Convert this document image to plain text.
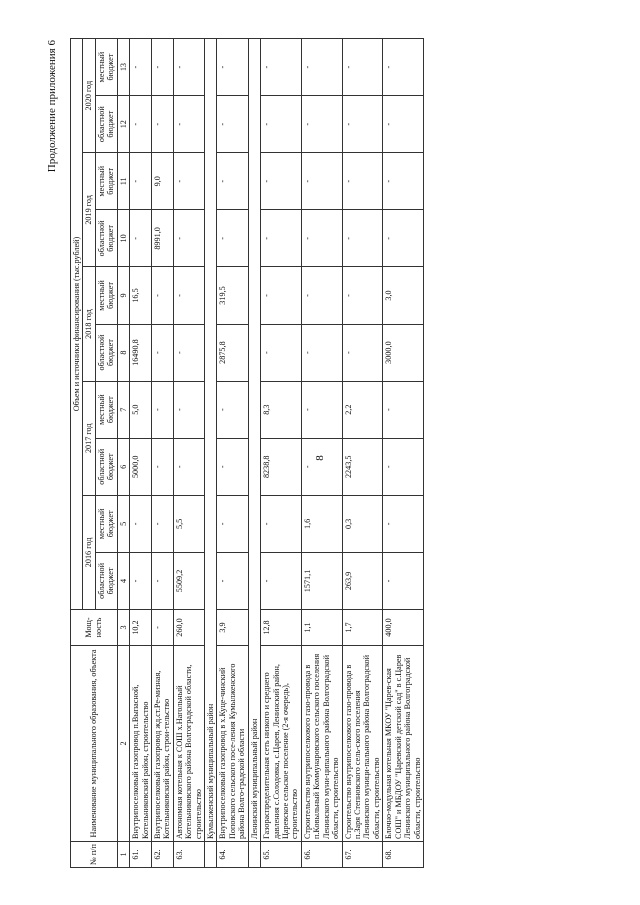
8
Продолжение приложения 6
№ п/п	Наименование муниципального образования, объекта	Мощ-ность	Объем и источники финансирования (тыс.рублей)									
			2016 год		2017 год		2018 год		2019 год		2020 год	
			областной бюджет	местный бюджет	областной бюджет	местный бюджет	областной бюджет	местный бюджет	областной бюджет	местный бюджет	областной бюджет	местный бюджет
1	2	3	4	5	6	7	8	9	10	11	12	13
61.	Внутрипоселковый газопровод п.Выпасной, Котельниковский район, строительство	10,2	-	-	5000,0	5,0	16490,8	16,5	-	-	-	-
62.	Внутрипоселковый газопровод жд.ст.Ре-мизная, Котельниковский район, строи-тельство	-	-	-	-	-	-	-	8991,0	9,0	-	-
63.	Автономная котельная к СОШ х.Нагольный Котельниковского района Волгоградской области, строительство	260,0	5509,2	5,5	-	-	-	-	-	-	-	-
	Кумылженский муниципальный район											
64.	Внутрипоселковый газопровод в х.Куце-чинский Поповского сельского посе-ления Кумылженского района Волго-градской области	3,9	-	-	-	-	2875,8	319,5	-	-	-	-
	Ленинский муниципальный район											
65.	Газораспределительная сеть низкого и среднего давления с.Солодовка, с.Царев, Ленинский район, Царевское сельское поселение (2-я очередь), строительство	12,8	-	-	8238,8	8,3	-	-	-	-	-	-
66.	Строительство внутрипоселкового газо-провода в п.Ковыльный Коммунаровского сельского поселения Ленинского муни-ципального района Волгоградской области, строительство	1,1	1571,1	1,6	-	-	-	-	-	-	-	-
67.	Строительство внутрипоселкового газо-провода в п.Заря Степновского сель-ского поселения Ленинского муници-пального района Волгоградской области, строительство	1,7	263,9	0,3	2243,5	2,2	-	-	-	-	-	-
68.	Блочно-модульная котельная МКОУ "Царев-ская СОШ" и МБДОУ "Царевский детский сад" в с.Царев Ленинского муниципального района Волгоградской области, строительство	400,0	-	-	-	-	3000,0	3,0	-	-	-	-
